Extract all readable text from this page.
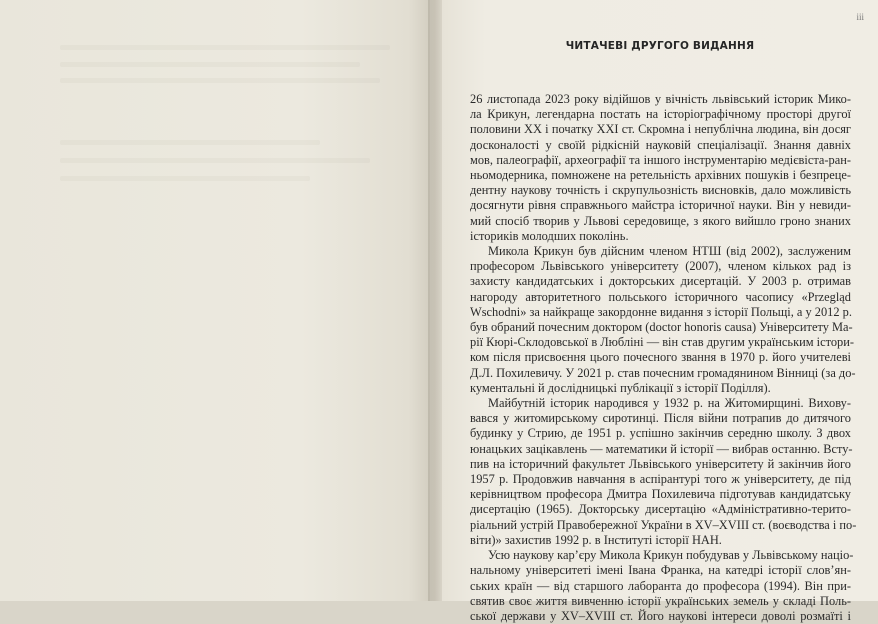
iii
ЧИТАЧЕВІ ДРУГОГО ВИДАННЯ
26 листопада 2023 року відійшов у вічність львівський історик Мико-
ла Крикун, легендарна постать на історіографічному просторі другої
половини XX і початку XXI ст. Скромна і непублічна людина, він досяг
досконалості у своїй рідкісній науковій спеціалізації. Знання давніх
мов, палеографії, археографії та іншого інструментарію медієвіста-ран-
ньомодерника, помножене на ретельність архівних пошуків і безпреце-
дентну наукову точність і скрупульозність висновків, дало можливість
досягнути рівня справжнього майстра історичної науки. Він у невиди-
мий спосіб творив у Львові середовище, з якого вийшло гроно знаних
істориків молодших поколінь.
Микола Крикун був дійсним членом НТШ (від 2002), заслуженим
професором Львівського університету (2007), членом кількох рад із
захисту кандидатських і докторських дисертацій. У 2003 р. отримав
нагороду авторитетного польського історичного часопису «Przegląd
Wschodni» за найкраще закордонне видання з історії Польщі, а у 2012 р.
був обраний почесним доктором (doctor honoris causa) Університету Ма-
рії Кюрі-Склодовської в Любліні — він став другим українським істори-
ком після присвоєння цього почесного звання в 1970 р. його учителеві
Д.Л. Похилевичу. У 2021 р. став почесним громадянином Вінниці (за до-
кументальні й дослідницькі публікації з історії Поділля).
Майбутній історик народився у 1932 р. на Житомирщині. Вихову-
вався у житомирському сиротинці. Після війни потрапив до дитячого
будинку у Стрию, де 1951 р. успішно закінчив середню школу. З двох
юнацьких зацікавлень — математики й історії — вибрав останню. Всту-
пив на історичний факультет Львівського університету й закінчив його
1957 р. Продовжив навчання в аспірантурі того ж університету, де під
керівництвом професора Дмитра Похилевича підготував кандидатську
дисертацію (1965). Докторську дисертацію «Адміністративно-терито-
ріальний устрій Правобережної України в XV–XVIII ст. (воєводства і по-
віти)» захистив 1992 р. в Інституті історії НАН.
Усю наукову кар’єру Микола Крикун побудував у Львівському націо-
нальному університеті імені Івана Франка, на катедрі історії слов’ян-
ських країн — від старшого лаборанта до професора (1994). Він при-
святив своє життя вивченню історії українських земель у складі Поль-
ської держави у XV–XVIII ст. Його наукові інтереси доволі розмаїті і
